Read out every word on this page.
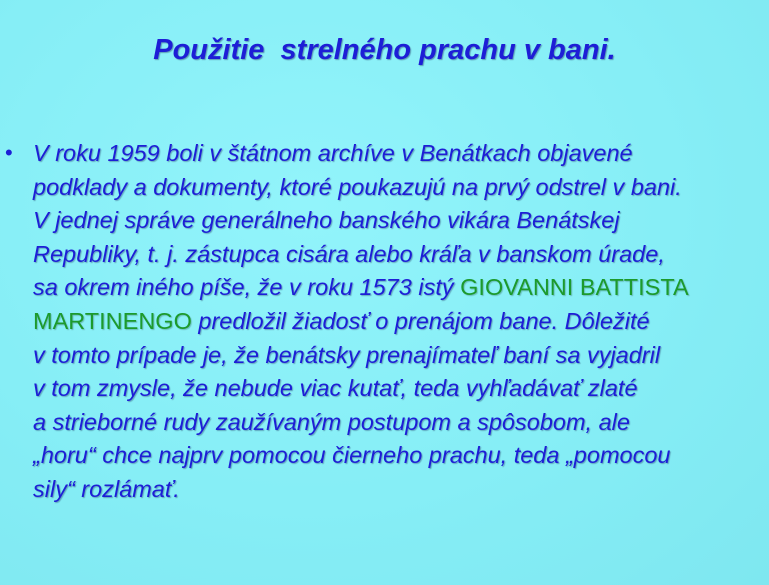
Použitie  strelného prachu v bani.
• V roku 1959 boli v štátnom archíve v Benátkach objavené
podklady a dokumenty, ktoré poukazujú na prvý odstrel v bani.
V jednej správe generálneho banského vikára Benátskej
Republiky, t. j. zástupca cisára alebo kráľa v banskom úrade,
sa okrem iného píše, že v roku 1573 istý GIOVANNI BATTISTA
MARTINENGO predložil žiadosť o prenájom bane. Dôležité
v tomto prípade je, že benátsky prenajímateľ baní sa vyjadril
v tom zmysle, že nebude viac kutať, teda vyhľadávať zlaté
a strieborné rudy zaužívaným postupom a spôsobom, ale
„horu“ chce najprv pomocou čierneho prachu, teda „pomocou
sily“ rozlámať.
